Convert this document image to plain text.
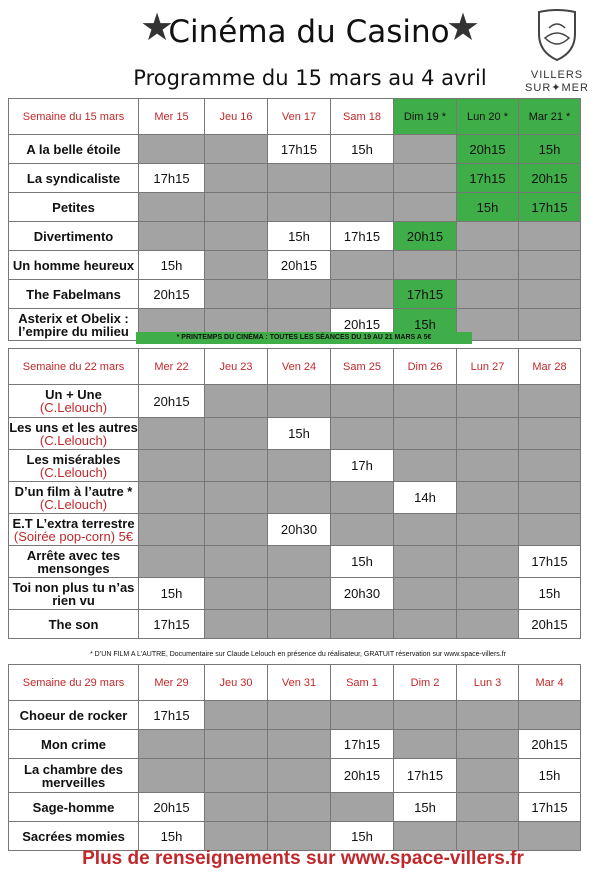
★
Cinéma du Casino
★
Programme du 15 mars au 4 avril	VILLERS
SUR✦MER
Semaine du 15 mars	Mer 15	Jeu 16	Ven 17	Sam 18	Dim 19 *	Lun 20 *	Mar 21 *
A la belle étoile			17h15	15h		20h15	15h
La syndicaliste	17h15					17h15	20h15
Petites						15h	17h15
Divertimento			15h	17h15	20h15		
Un homme heureux	15h		20h15				
The Fabelmans	20h15				17h15		
Asterix et Obelix : l’empire du milieu				20h15	15h		
* PRINTEMPS DU CINÉMA : TOUTES LES SÉANCES DU 19 AU 21 MARS A 5€
Semaine du 22 mars	Mer 22	Jeu 23	Ven 24	Sam 25	Dim 26	Lun 27	Mar 28
Un + Une
(C.Lelouch)	20h15						
Les uns et les autres
(C.Lelouch)			15h				
Les misérables
(C.Lelouch)				17h			
D’un film à l’autre *
(C.Lelouch)					14h		
E.T L’extra terrestre
(Soirée pop-corn) 5€			20h30				
Arrête avec tes mensonges				15h			17h15
Toi non plus tu n’as rien vu	15h			20h30			15h
The son	17h15						20h15
* D’UN FILM A L’AUTRE, Documentaire sur Claude Lelouch en présence du réalisateur, GRATUIT réservation sur www.space-villers.fr
Semaine du 29 mars	Mer 29	Jeu 30	Ven 31	Sam 1	Dim 2	Lun 3	Mar 4
Choeur de rocker	17h15						
Mon crime				17h15			20h15
La chambre des merveilles				20h15	17h15		15h
Sage-homme	20h15				15h		17h15
Sacrées momies	15h			15h			
Plus de renseignements sur www.space-villers.fr
